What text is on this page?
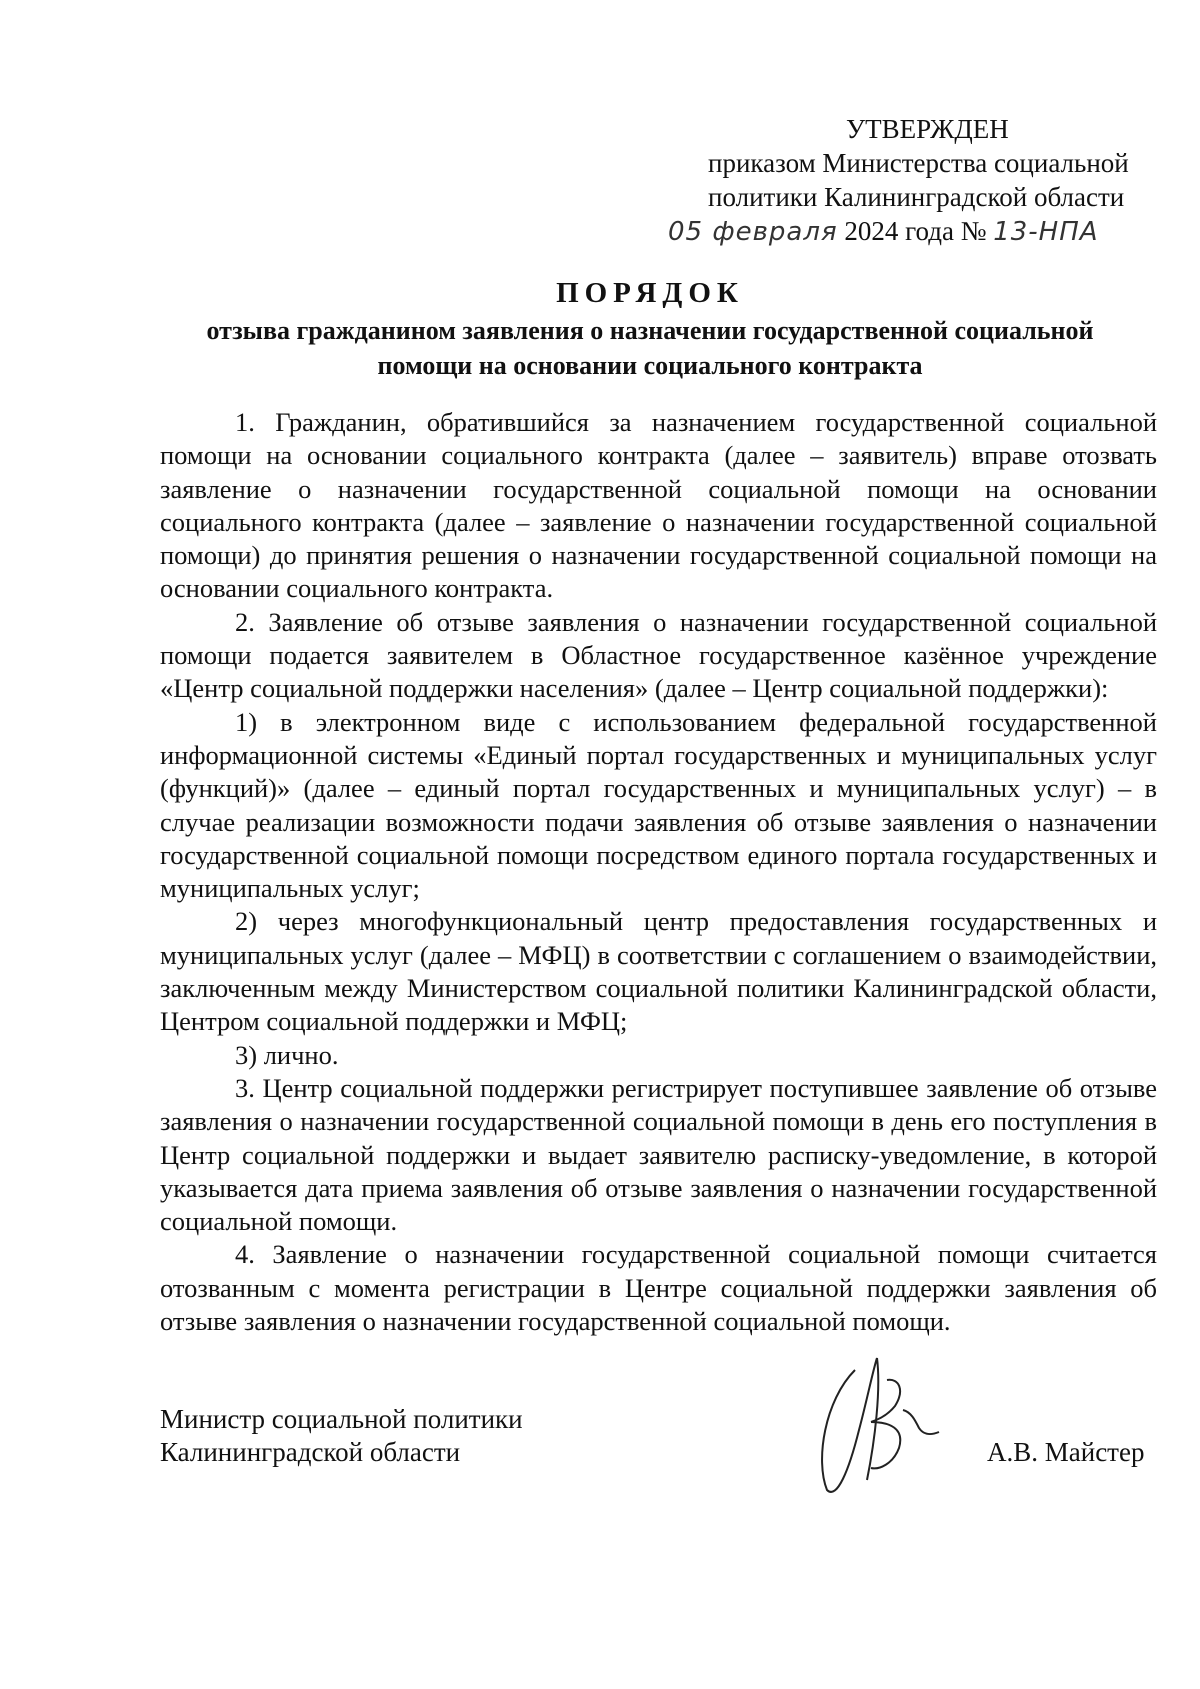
УТВЕРЖДЕН
приказом Министерства социальной
политики Калининградской области
05 февраля 2024 года № 13-НПА
ПОРЯДОК
отзыва гражданином заявления о назначении государственной социальной
помощи на основании социального контракта

1. Гражданин, обратившийся за назначением государственной социальной помощи на основании социального контракта (далее – заявитель) вправе отозвать заявление о назначении государственной социальной помощи на основании социального контракта (далее – заявление о назначении государственной социальной помощи) до принятия решения о назначении государственной социальной помощи на основании социального контракта.

2. Заявление об отзыве заявления о назначении государственной социальной помощи подается заявителем в Областное государственное казённое учреждение «Центр социальной поддержки населения» (далее – Центр социальной поддержки):

1) в электронном виде с использованием федеральной государственной информационной системы «Единый портал государственных и муниципальных услуг (функций)» (далее – единый портал государственных и муниципальных услуг) – в случае реализации возможности подачи заявления об отзыве заявления о назначении государственной социальной помощи посредством единого портала государственных и муниципальных услуг;

2) через многофункциональный центр предоставления государственных и муниципальных услуг (далее – МФЦ) в соответствии с соглашением о взаимодействии, заключенным между Министерством социальной политики Калининградской области, Центром социальной поддержки и МФЦ;

3) лично.

3. Центр социальной поддержки регистрирует поступившее заявление об отзыве заявления о назначении государственной социальной помощи в день его поступления в Центр социальной поддержки и выдает заявителю расписку-уведомление, в которой указывается дата приема заявления об отзыве заявления о назначении государственной социальной помощи.

4. Заявление о назначении государственной социальной помощи считается отозванным с момента регистрации в Центре социальной поддержки заявления об отзыве заявления о назначении государственной социальной помощи.

Министр социальной политики
Калининградской области	А.В. Майстер
